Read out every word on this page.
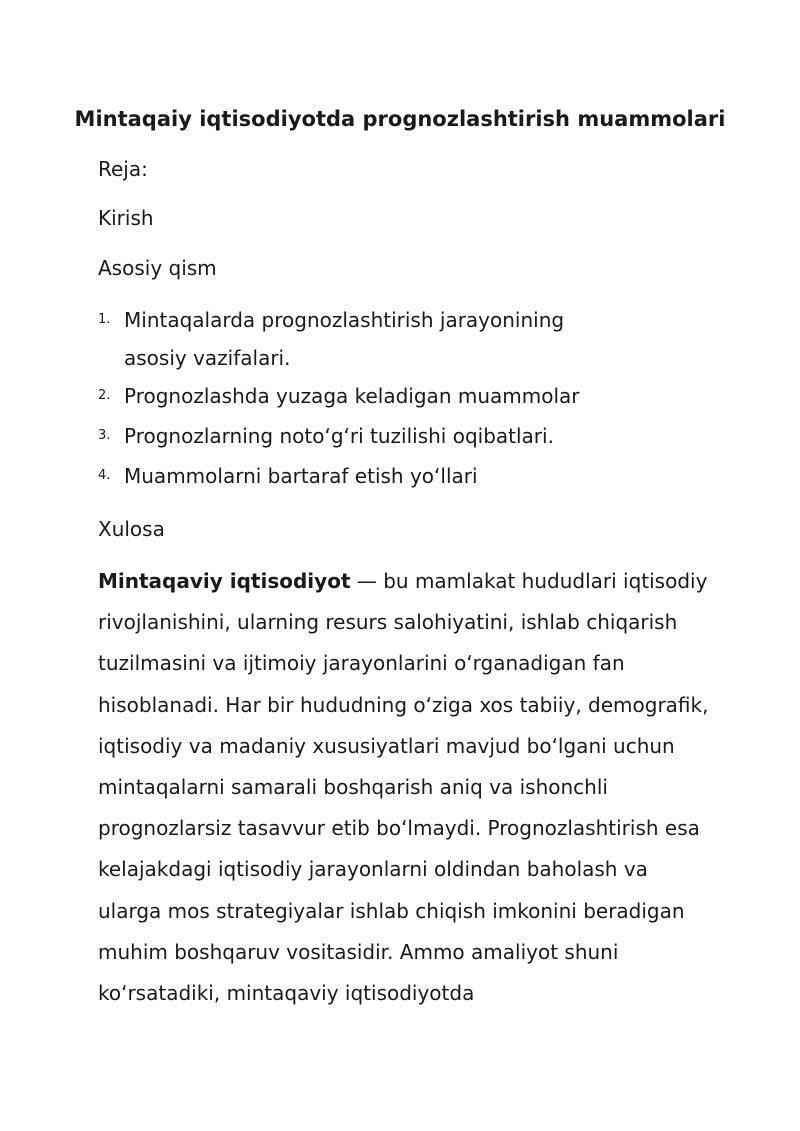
Mintaqaiy iqtisodiyotda prognozlashtirish muammolari
Reja:
Kirish
Asosiy qism
1. Mintaqalarda prognozlashtirish jarayonining asosiy vazifalari.
2. Prognozlashda yuzaga keladigan muammolar
3. Prognozlarning noto‘g‘ri tuzilishi oqibatlari.
4. Muammolarni bartaraf etish yo‘llari
Xulosa
Mintaqaviy iqtisodiyot — bu mamlakat hududlari iqtisodiy rivojlanishini, ularning resurs salohiyatini, ishlab chiqarish tuzilmasini va ijtimoiy jarayonlarini o‘rganadigan fan hisoblanadi. Har bir hududning o‘ziga xos tabiiy, demografik, iqtisodiy va madaniy xususiyatlari mavjud bo‘lgani uchun mintaqalarni samarali boshqarish aniq va ishonchli prognozlarsiz tasavvur etib bo‘lmaydi. Prognozlashtirish esa kelajakdagi iqtisodiy jarayonlarni oldindan baholash va ularga mos strategiyalar ishlab chiqish imkonini beradigan muhim boshqaruv vositasidir. Ammo amaliyot shuni ko‘rsatadiki, mintaqaviy iqtisodiyotda
